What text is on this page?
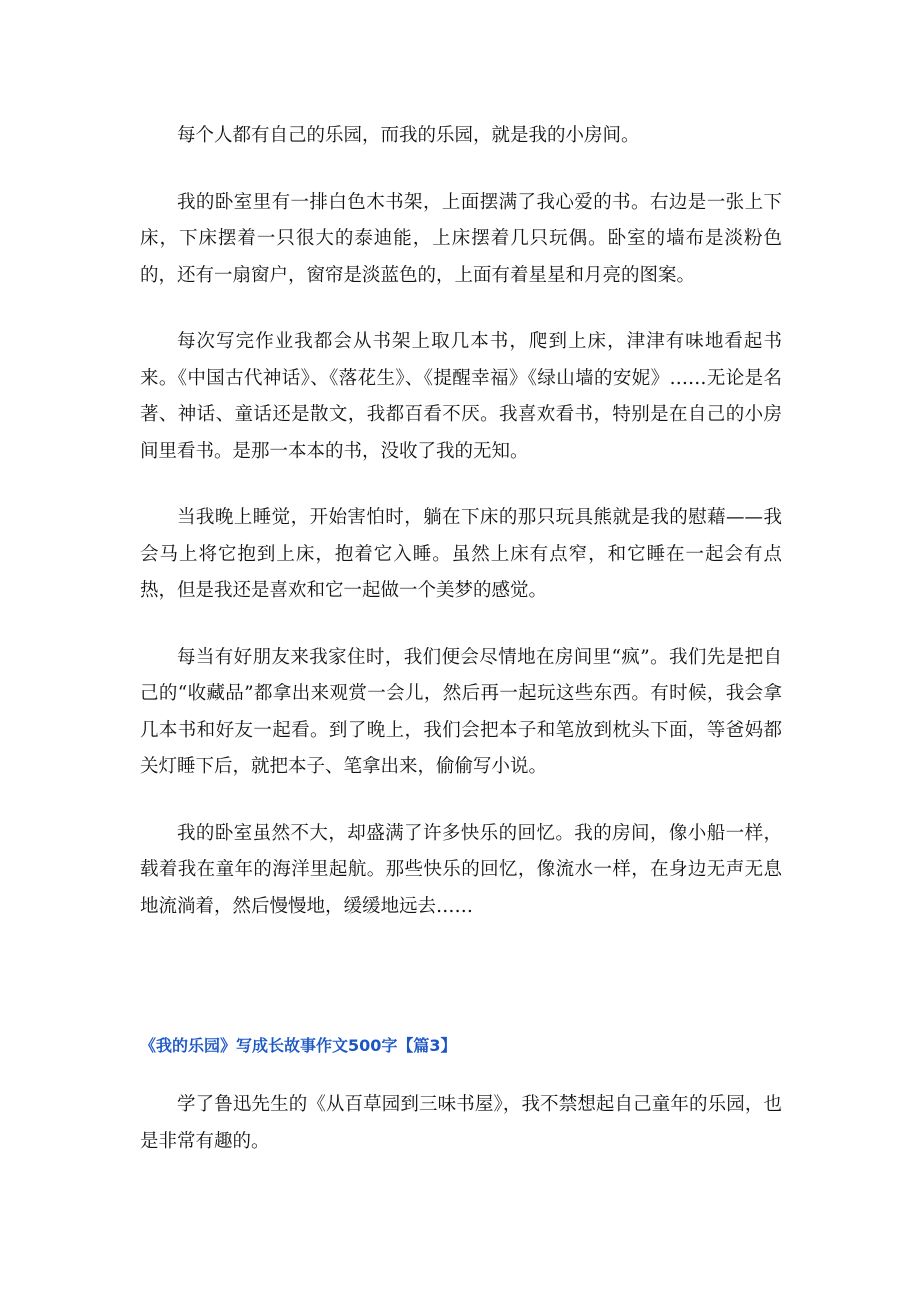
每个人都有自己的乐园，而我的乐园，就是我的小房间。

我的卧室里有一排白色木书架，上面摆满了我心爱的书。右边是一张上下床，下床摆着一只很大的泰迪能，上床摆着几只玩偶。卧室的墙布是淡粉色的，还有一扇窗户，窗帘是淡蓝色的，上面有着星星和月亮的图案。

每次写完作业我都会从书架上取几本书，爬到上床，津津有味地看起书来。《中国古代神话》、《落花生》、《提醒幸福》《绿山墙的安妮》……无论是名著、神话、童话还是散文，我都百看不厌。我喜欢看书，特别是在自己的小房间里看书。是那一本本的书，没收了我的无知。

当我晚上睡觉，开始害怕时，躺在下床的那只玩具熊就是我的慰藉——我会马上将它抱到上床，抱着它入睡。虽然上床有点窄，和它睡在一起会有点热，但是我还是喜欢和它一起做一个美梦的感觉。

每当有好朋友来我家住时，我们便会尽情地在房间里“疯”。我们先是把自己的“收藏品”都拿出来观赏一会儿，然后再一起玩这些东西。有时候，我会拿几本书和好友一起看。到了晚上，我们会把本子和笔放到枕头下面，等爸妈都关灯睡下后，就把本子、笔拿出来，偷偷写小说。

我的卧室虽然不大，却盛满了许多快乐的回忆。我的房间，像小船一样，载着我在童年的海洋里起航。那些快乐的回忆，像流水一样，在身边无声无息地流淌着，然后慢慢地，缓缓地远去……

《我的乐园》写成长故事作文500字【篇3】

学了鲁迅先生的《从百草园到三味书屋》，我不禁想起自己童年的乐园，也是非常有趣的。
